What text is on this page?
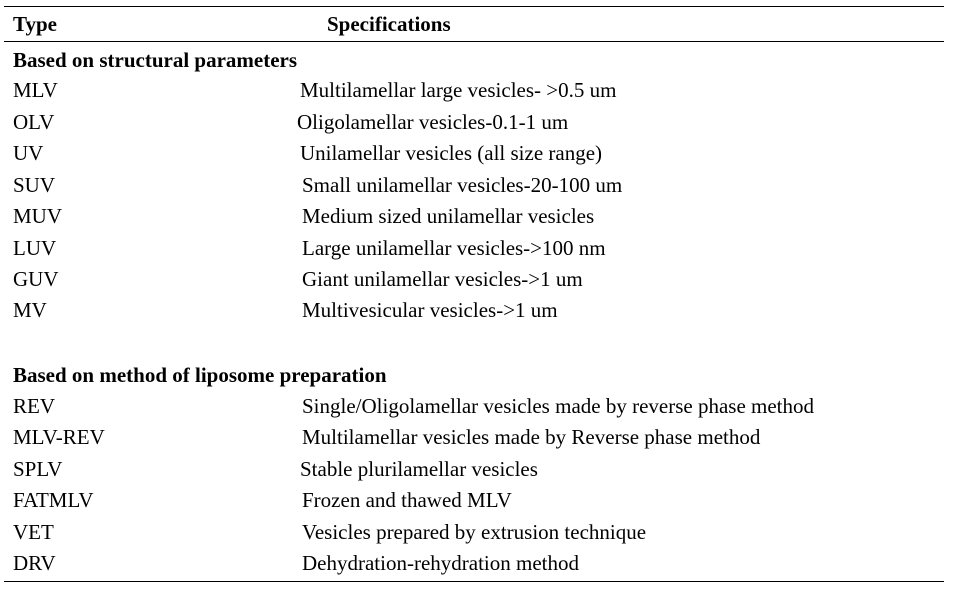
Type	Specifications
Based on structural parameters
MLV	Multilamellar large vesicles- >0.5 um
OLV	Oligolamellar vesicles-0.1-1 um
UV	Unilamellar vesicles (all size range)
SUV	Small unilamellar vesicles-20-100 um
MUV	Medium sized unilamellar vesicles
LUV	Large unilamellar vesicles->100 nm
GUV	Giant unilamellar vesicles->1 um
MV	Multivesicular vesicles->1 um
Based on method of liposome preparation
REV	Single/Oligolamellar vesicles made by reverse phase method
MLV-REV	Multilamellar vesicles made by Reverse phase method
SPLV	Stable plurilamellar vesicles
FATMLV	Frozen and thawed MLV
VET	Vesicles prepared by extrusion technique
DRV	Dehydration-rehydration method
